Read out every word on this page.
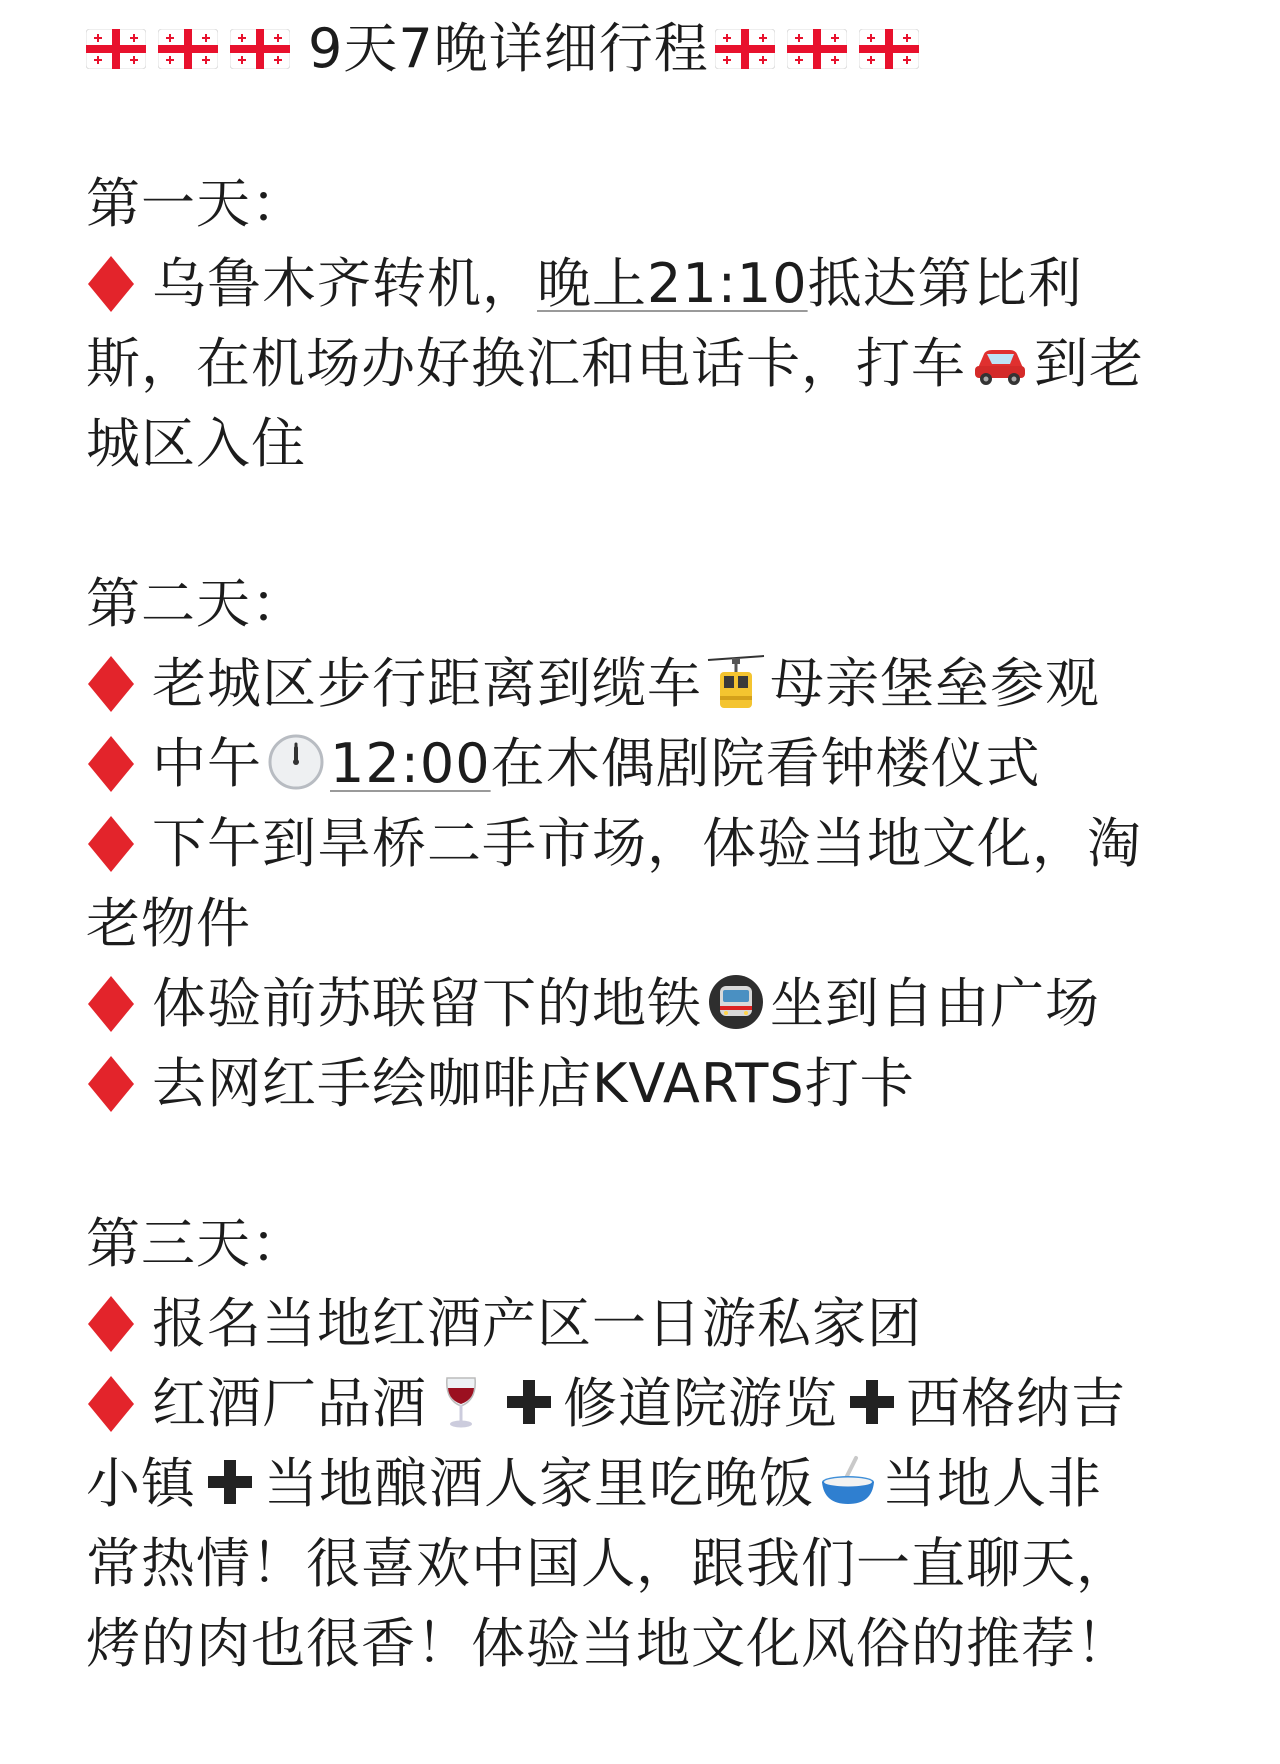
9天7晚详细行程
第一天：
乌鲁木齐转机，晚上21:10抵达第比利
斯，在机场办好换汇和电话卡，打车 到老
城区入住
第二天：
老城区步行距离到缆车 母亲堡垒参观
中午 12:00在木偶剧院看钟楼仪式
下午到旱桥二手市场，体验当地文化，淘
老物件
体验前苏联留下的地铁 坐到自由广场
去网红手绘咖啡店KVARTS打卡
第三天：
报名当地红酒产区一日游私家团
红酒厂品酒	修道院游览 西格纳吉
小镇 当地酿酒人家里吃晚饭 当地人非
常热情！很喜欢中国人，跟我们一直聊天，
烤的肉也很香！体验当地文化风俗的推荐！
